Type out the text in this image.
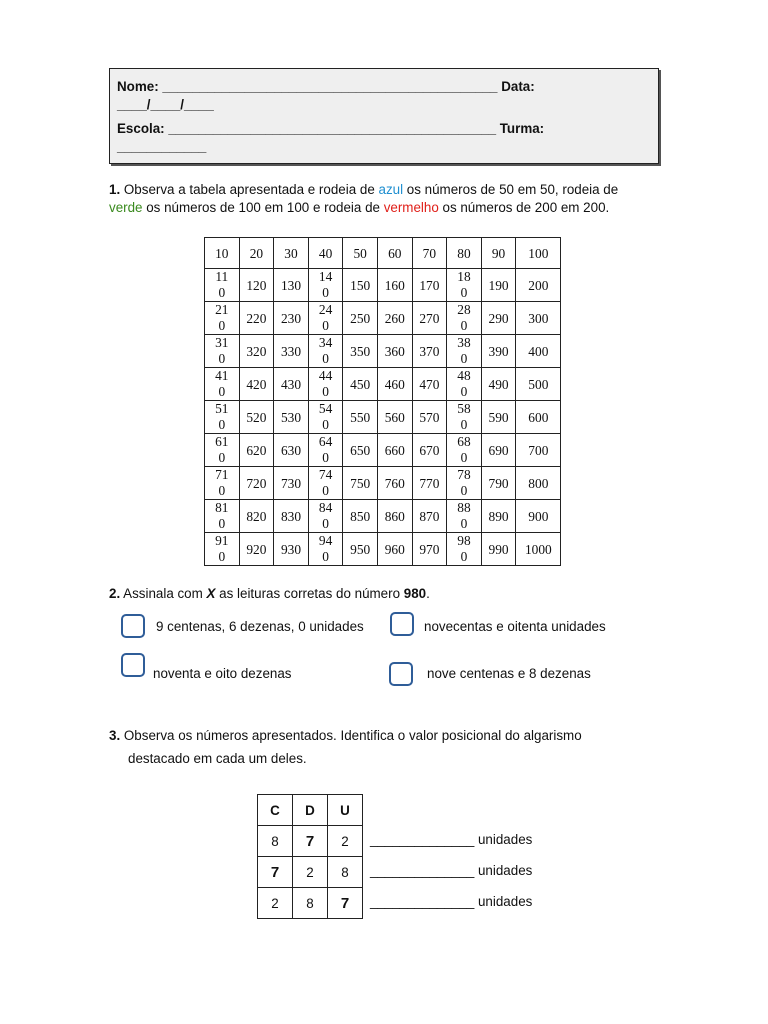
Nome: _____________________________________________ Data:
____/____/____
Escola: ____________________________________________ Turma:
____________
1. Observa a tabela apresentada e rodeia de azul os números de 50 em 50, rodeia de
verde os números de 100 em 100 e rodeia de vermelho os números de 200 em 200.
10	20	30	40	50	60	70	80	90	100
110	120	130	140	150	160	170	180	190	200
210	220	230	240	250	260	270	280	290	300
310	320	330	340	350	360	370	380	390	400
410	420	430	440	450	460	470	480	490	500
510	520	530	540	550	560	570	580	590	600
610	620	630	640	650	660	670	680	690	700
710	720	730	740	750	760	770	780	790	800
810	820	830	840	850	860	870	880	890	900
910	920	930	940	950	960	970	980	990	1000
2. Assinala com X as leituras corretas do número 980.
9 centenas, 6 dezenas, 0 unidades	novecentas e oitenta unidades
noventa e oito dezenas	nove centenas e 8 dezenas
3. Observa os números apresentados. Identifica o valor posicional do algarismo
destacado em cada um deles.
C	D	U
8	7	2
7	2	8
2	8	7
______________ unidades
______________ unidades
______________ unidades
